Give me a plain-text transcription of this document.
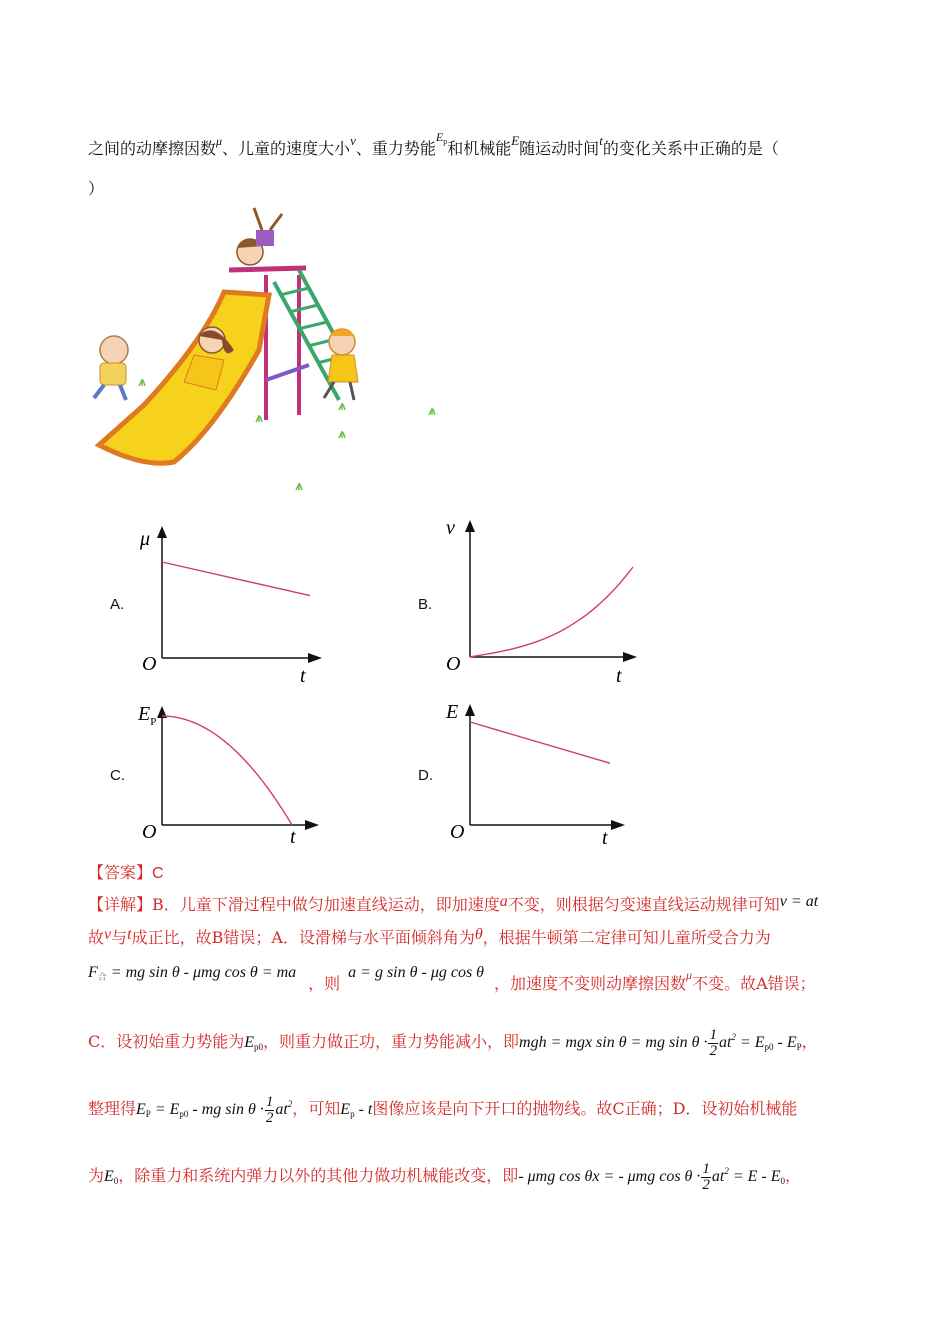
之间的动摩擦因数$^\mu$、儿童的速度大小$^v$、重力势能$^{E_p}$和机械能$^E$随运动时间$^t$的变化关系中正确的是（
）
A.	B.
C.	D.
μ
O
t
v
O
t
$E_P$
O	t
E
O	t
【答案】C
【详解】B．儿童下滑过程中做匀加速直线运动，即加速度a不变，则根据匀变速直线运动规律可知v = at
故v与t成正比，故B错误；A．设滑梯与水平面倾斜角为θ，根据牛顿第二定律可知儿童所受合力为
$F_合$ = mg sin θ - μmg cos θ = ma，则a = g sin θ - μg cos θ，加速度不变则动摩擦因数μ不变。故A错误；
C．设初始重力势能为$E_{p0}$，则重力做正功，重力势能减小，即mgh = mgx sin θ = mg $\sin \theta \cdot \frac{1}{2} at^2 = E_{p0} - E_P$，
整理得$E_P = E_{p0}$ - mg $\sin \theta \cdot \frac{1}{2} at^2$，可知$E_p$ - t图像应该是向下开口的抛物线。故C正确；D．设初始机械能
为$E_0$，除重力和系统内弹力以外的其他力做功机械能改变，即- μmg cos θx = - μmg $\cos \theta \cdot \frac{1}{2} at^2 = E - E_0$，
